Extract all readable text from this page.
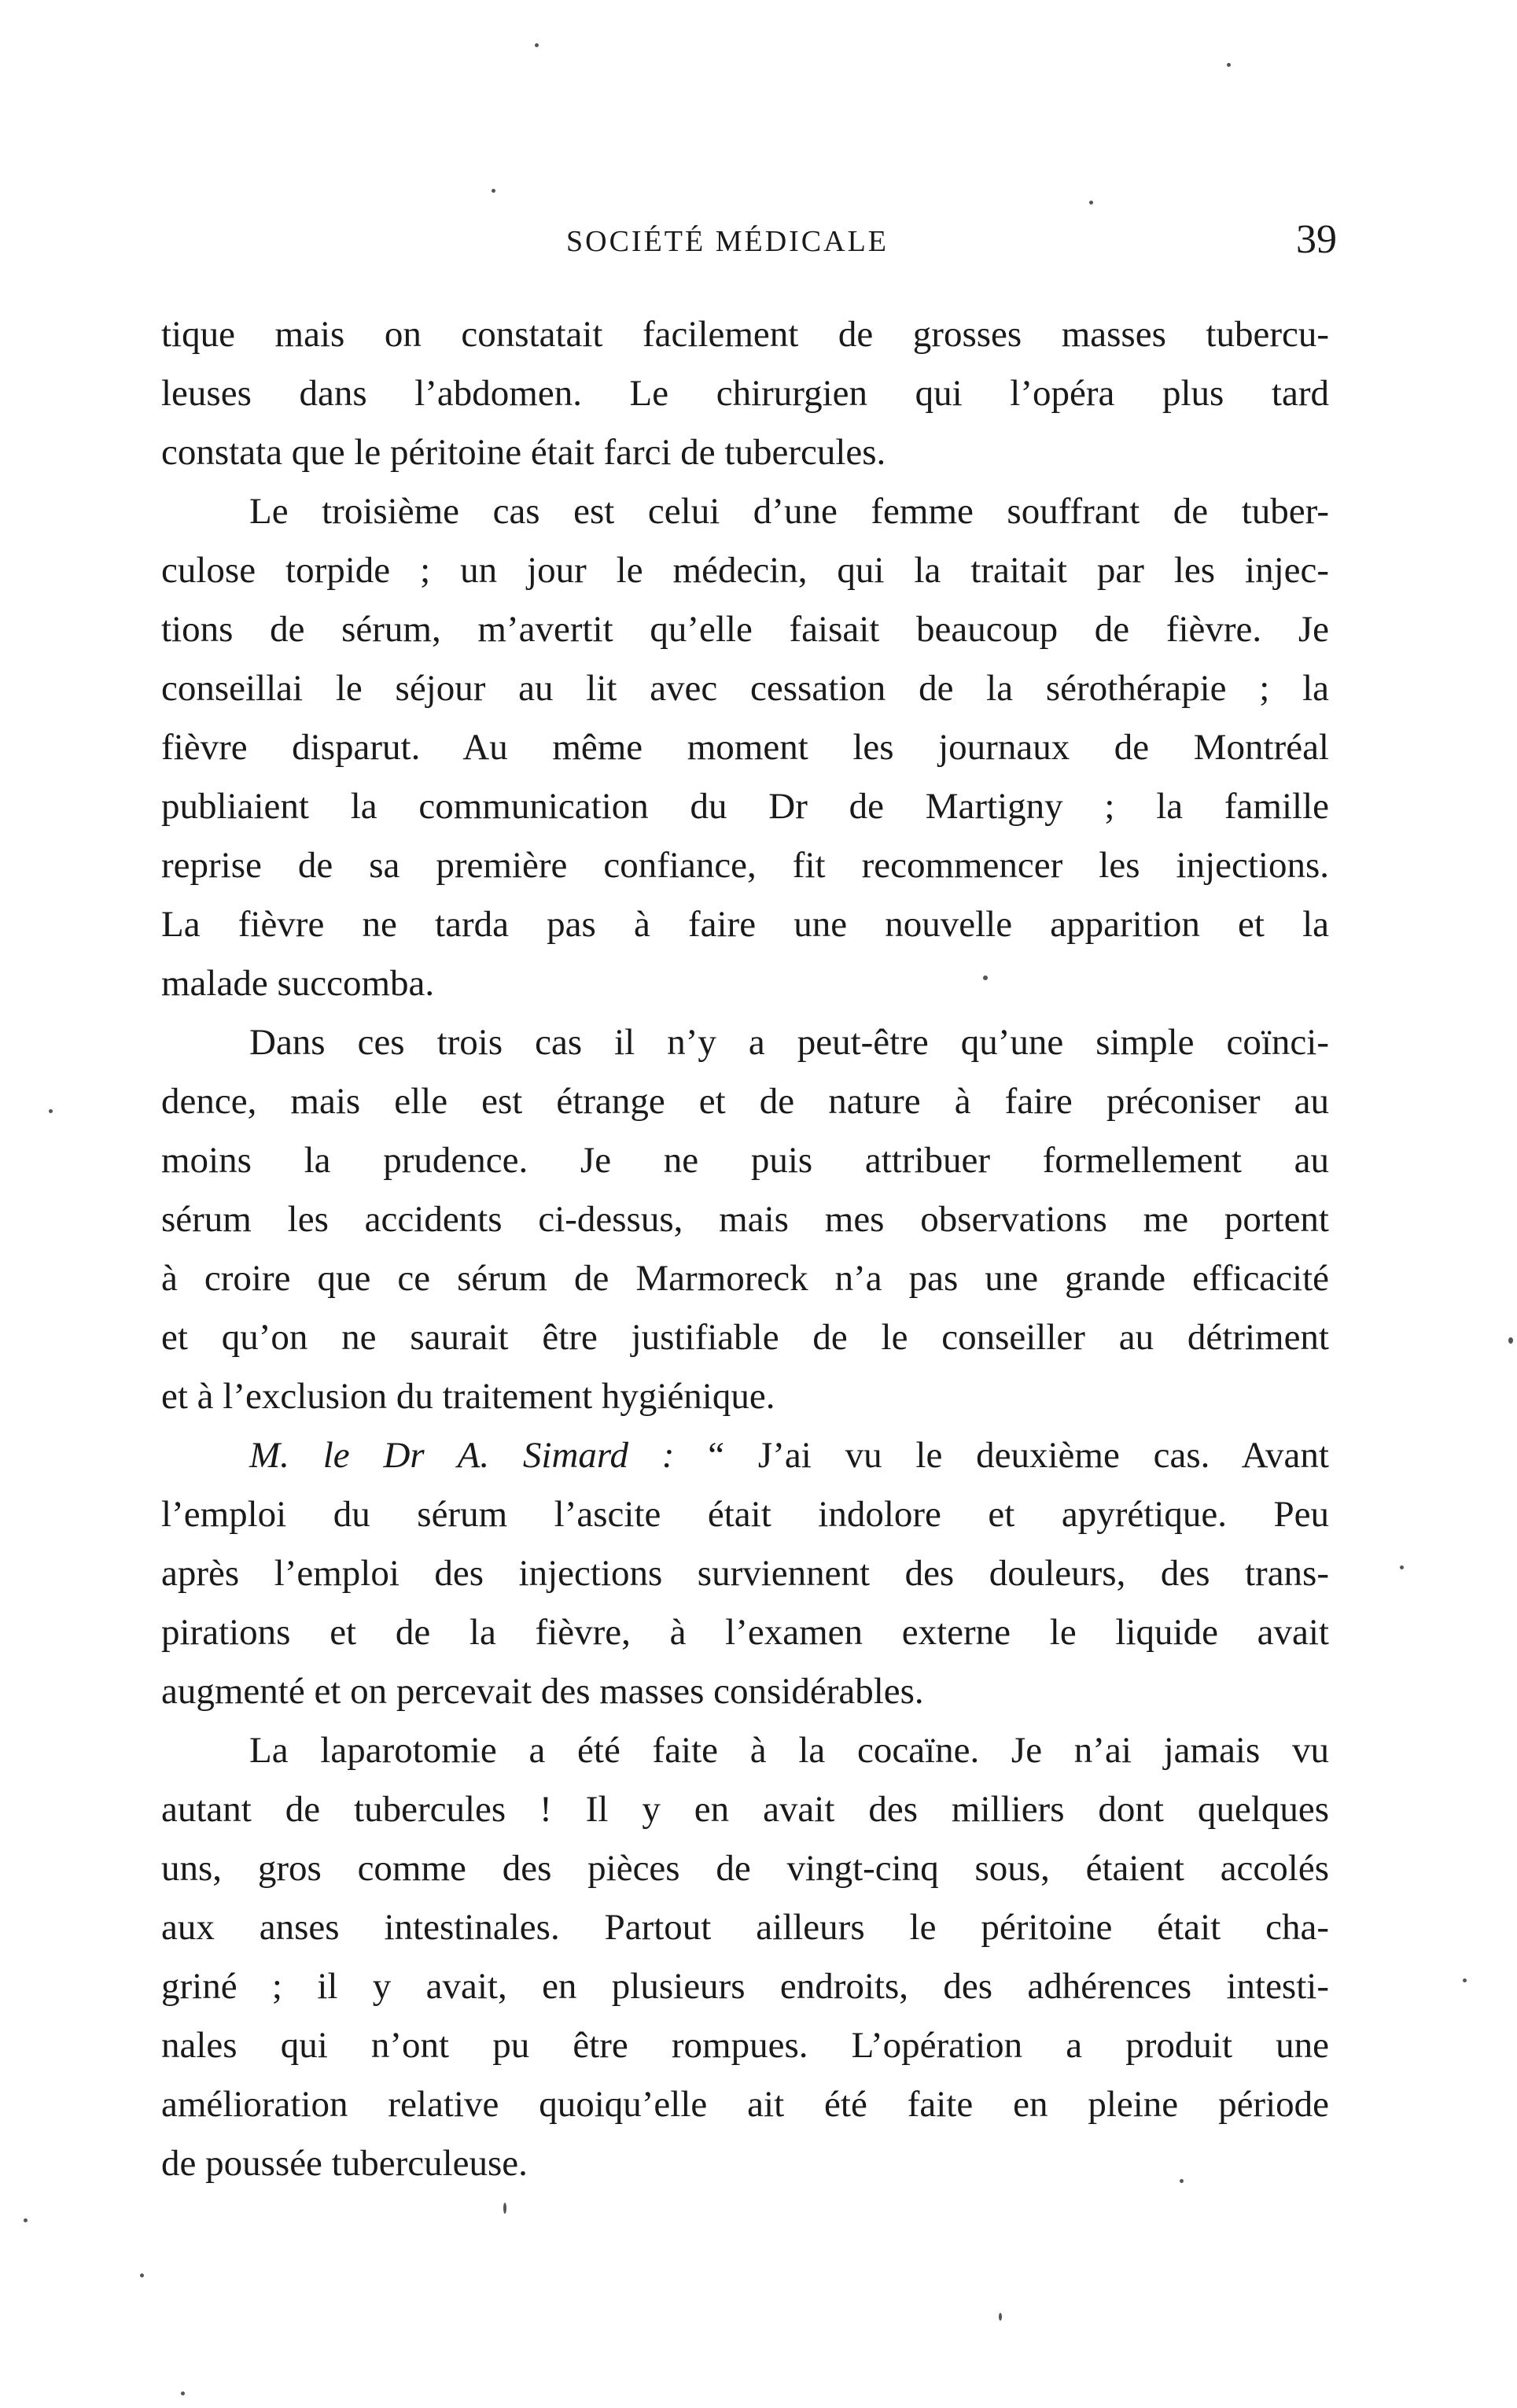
SOCIÉTÉ MÉDICALE	39
tique mais on constatait facilement de grosses masses tubercu-
leuses dans l’abdomen. Le chirurgien qui l’opéra plus tard
constata que le péritoine était farci de tubercules.
Le troisième cas est celui d’une femme souffrant de tuber-
culose torpide ; un jour le médecin, qui la traitait par les injec-
tions de sérum, m’avertit qu’elle faisait beaucoup de fièvre. Je
conseillai le séjour au lit avec cessation de la sérothérapie ; la
fièvre disparut. Au même moment les journaux de Montréal
publiaient la communication du Dr de Martigny ; la famille
reprise de sa première confiance, fit recommencer les injections.
La fièvre ne tarda pas à faire une nouvelle apparition et la
malade succomba.
Dans ces trois cas il n’y a peut-être qu’une simple coïnci-
dence, mais elle est étrange et de nature à faire préconiser au
moins la prudence. Je ne puis attribuer formellement au
sérum les accidents ci-dessus, mais mes observations me portent
à croire que ce sérum de Marmoreck n’a pas une grande efficacité
et qu’on ne saurait être justifiable de le conseiller au détriment
et à l’exclusion du traitement hygiénique.
M. le Dr A. Simard : “ J’ai vu le deuxième cas. Avant
l’emploi du sérum l’ascite était indolore et apyrétique. Peu
après l’emploi des injections surviennent des douleurs, des trans-
pirations et de la fièvre, à l’examen externe le liquide avait
augmenté et on percevait des masses considérables.
La laparotomie a été faite à la cocaïne. Je n’ai jamais vu
autant de tubercules ! Il y en avait des milliers dont quelques
uns, gros comme des pièces de vingt-cinq sous, étaient accolés
aux anses intestinales. Partout ailleurs le péritoine était cha-
griné ; il y avait, en plusieurs endroits, des adhérences intesti-
nales qui n’ont pu être rompues. L’opération a produit une
amélioration relative quoiqu’elle ait été faite en pleine période
de poussée tuberculeuse.
